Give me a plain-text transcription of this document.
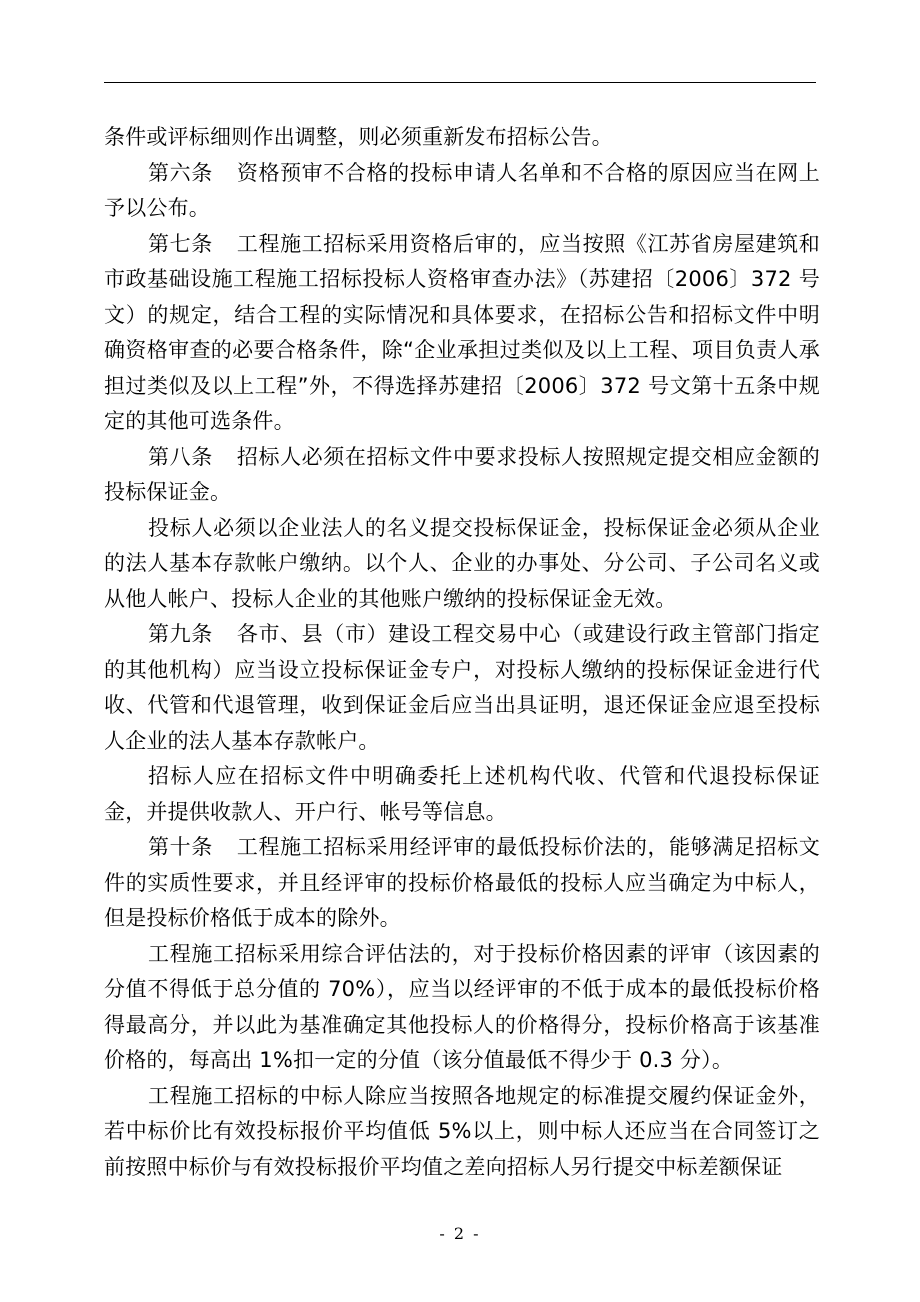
条件或评标细则作出调整，则必须重新发布招标公告。

第六条 资格预审不合格的投标申请人名单和不合格的原因应当在网上予以公布。

第七条 工程施工招标采用资格后审的，应当按照《江苏省房屋建筑和市政基础设施工程施工招标投标人资格审查办法》（苏建招〔2006〕372 号文）的规定，结合工程的实际情况和具体要求，在招标公告和招标文件中明确资格审查的必要合格条件，除“企业承担过类似及以上工程、项目负责人承担过类似及以上工程”外，不得选择苏建招〔2006〕372 号文第十五条中规定的其他可选条件。

第八条 招标人必须在招标文件中要求投标人按照规定提交相应金额的投标保证金。

投标人必须以企业法人的名义提交投标保证金，投标保证金必须从企业的法人基本存款帐户缴纳。以个人、企业的办事处、分公司、子公司名义或从他人帐户、投标人企业的其他账户缴纳的投标保证金无效。

第九条 各市、县（市）建设工程交易中心（或建设行政主管部门指定的其他机构）应当设立投标保证金专户，对投标人缴纳的投标保证金进行代收、代管和代退管理，收到保证金后应当出具证明，退还保证金应退至投标人企业的法人基本存款帐户。

招标人应在招标文件中明确委托上述机构代收、代管和代退投标保证金，并提供收款人、开户行、帐号等信息。

第十条 工程施工招标采用经评审的最低投标价法的，能够满足招标文件的实质性要求，并且经评审的投标价格最低的投标人应当确定为中标人，但是投标价格低于成本的除外。

工程施工招标采用综合评估法的，对于投标价格因素的评审（该因素的分值不得低于总分值的 70%），应当以经评审的不低于成本的最低投标价格得最高分，并以此为基准确定其他投标人的价格得分，投标价格高于该基准价格的，每高出 1%扣一定的分值（该分值最低不得少于 0.3 分）。

工程施工招标的中标人除应当按照各地规定的标准提交履约保证金外，若中标价比有效投标报价平均值低 5%以上，则中标人还应当在合同签订之前按照中标价与有效投标报价平均值之差向招标人另行提交中标差额保证

- 2 -
